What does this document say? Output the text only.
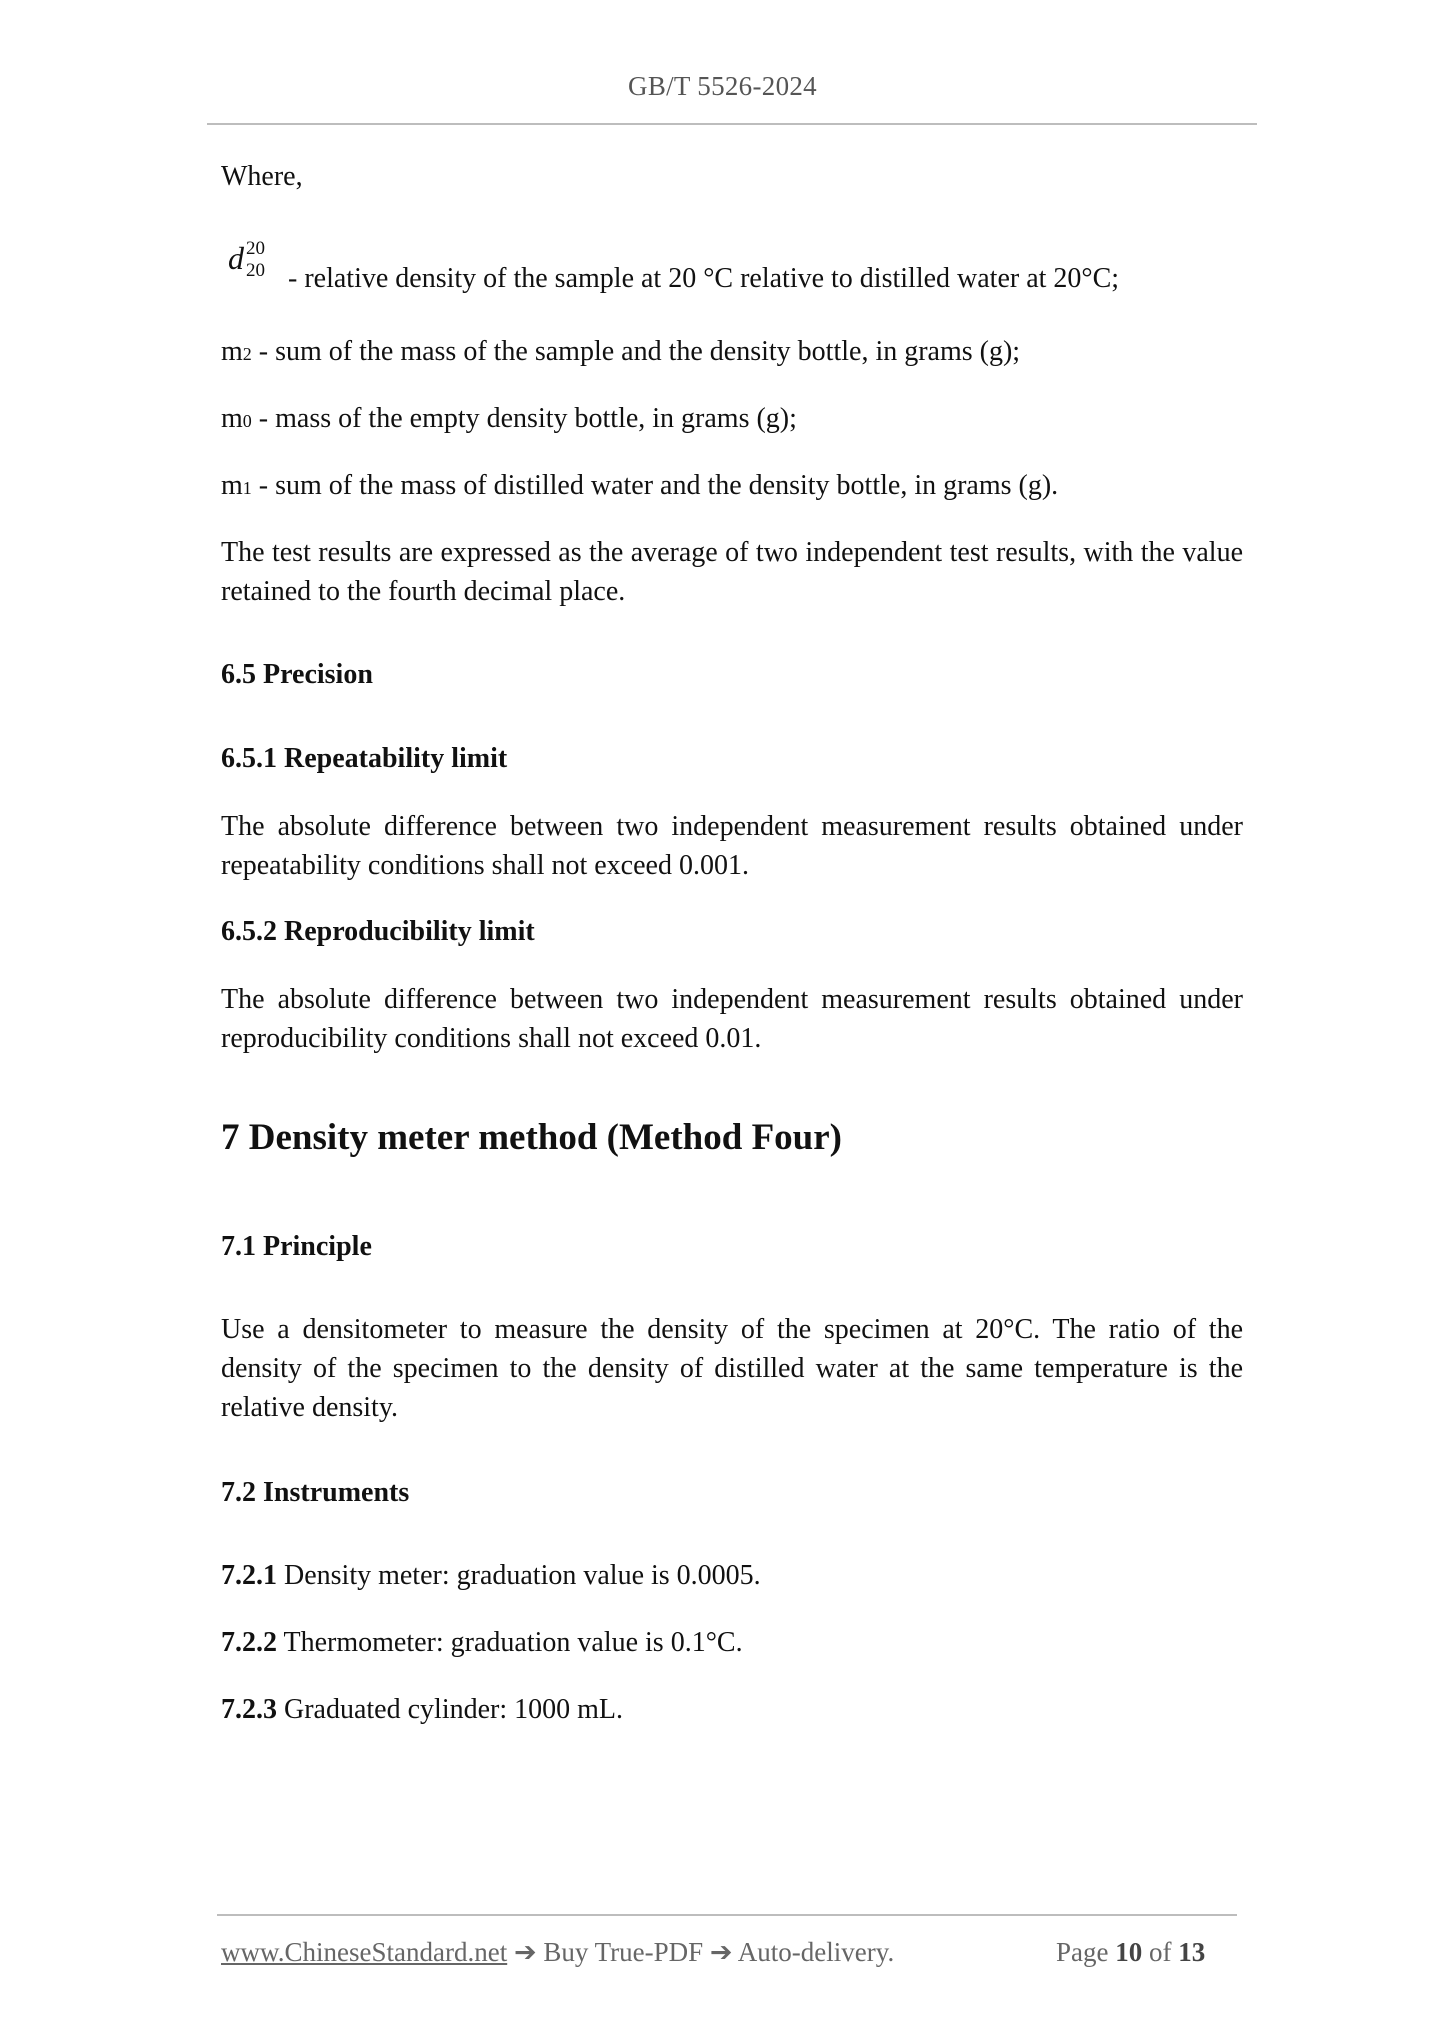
GB/T 5526-2024
Where,
d 20
20 - relative density of the sample at 20 °C relative to distilled water at 20°C;
m2 - sum of the mass of the sample and the density bottle, in grams (g);
m0 - mass of the empty density bottle, in grams (g);
m1 - sum of the mass of distilled water and the density bottle, in grams (g).
The test results are expressed as the average of two independent test results, with the value retained to the fourth decimal place.
6.5 Precision
6.5.1 Repeatability limit
The absolute difference between two independent measurement results obtained under repeatability conditions shall not exceed 0.001.
6.5.2 Reproducibility limit
The absolute difference between two independent measurement results obtained under reproducibility conditions shall not exceed 0.01.
7 Density meter method (Method Four)
7.1 Principle
Use a densitometer to measure the density of the specimen at 20°C. The ratio of the density of the specimen to the density of distilled water at the same temperature is the relative density.
7.2 Instruments
7.2.1 Density meter: graduation value is 0.0005.
7.2.2 Thermometer: graduation value is 0.1°C.
7.2.3 Graduated cylinder: 1000 mL.
www.ChineseStandard.net ➔ Buy True-PDF ➔ Auto-delivery.	Page 10 of 13
